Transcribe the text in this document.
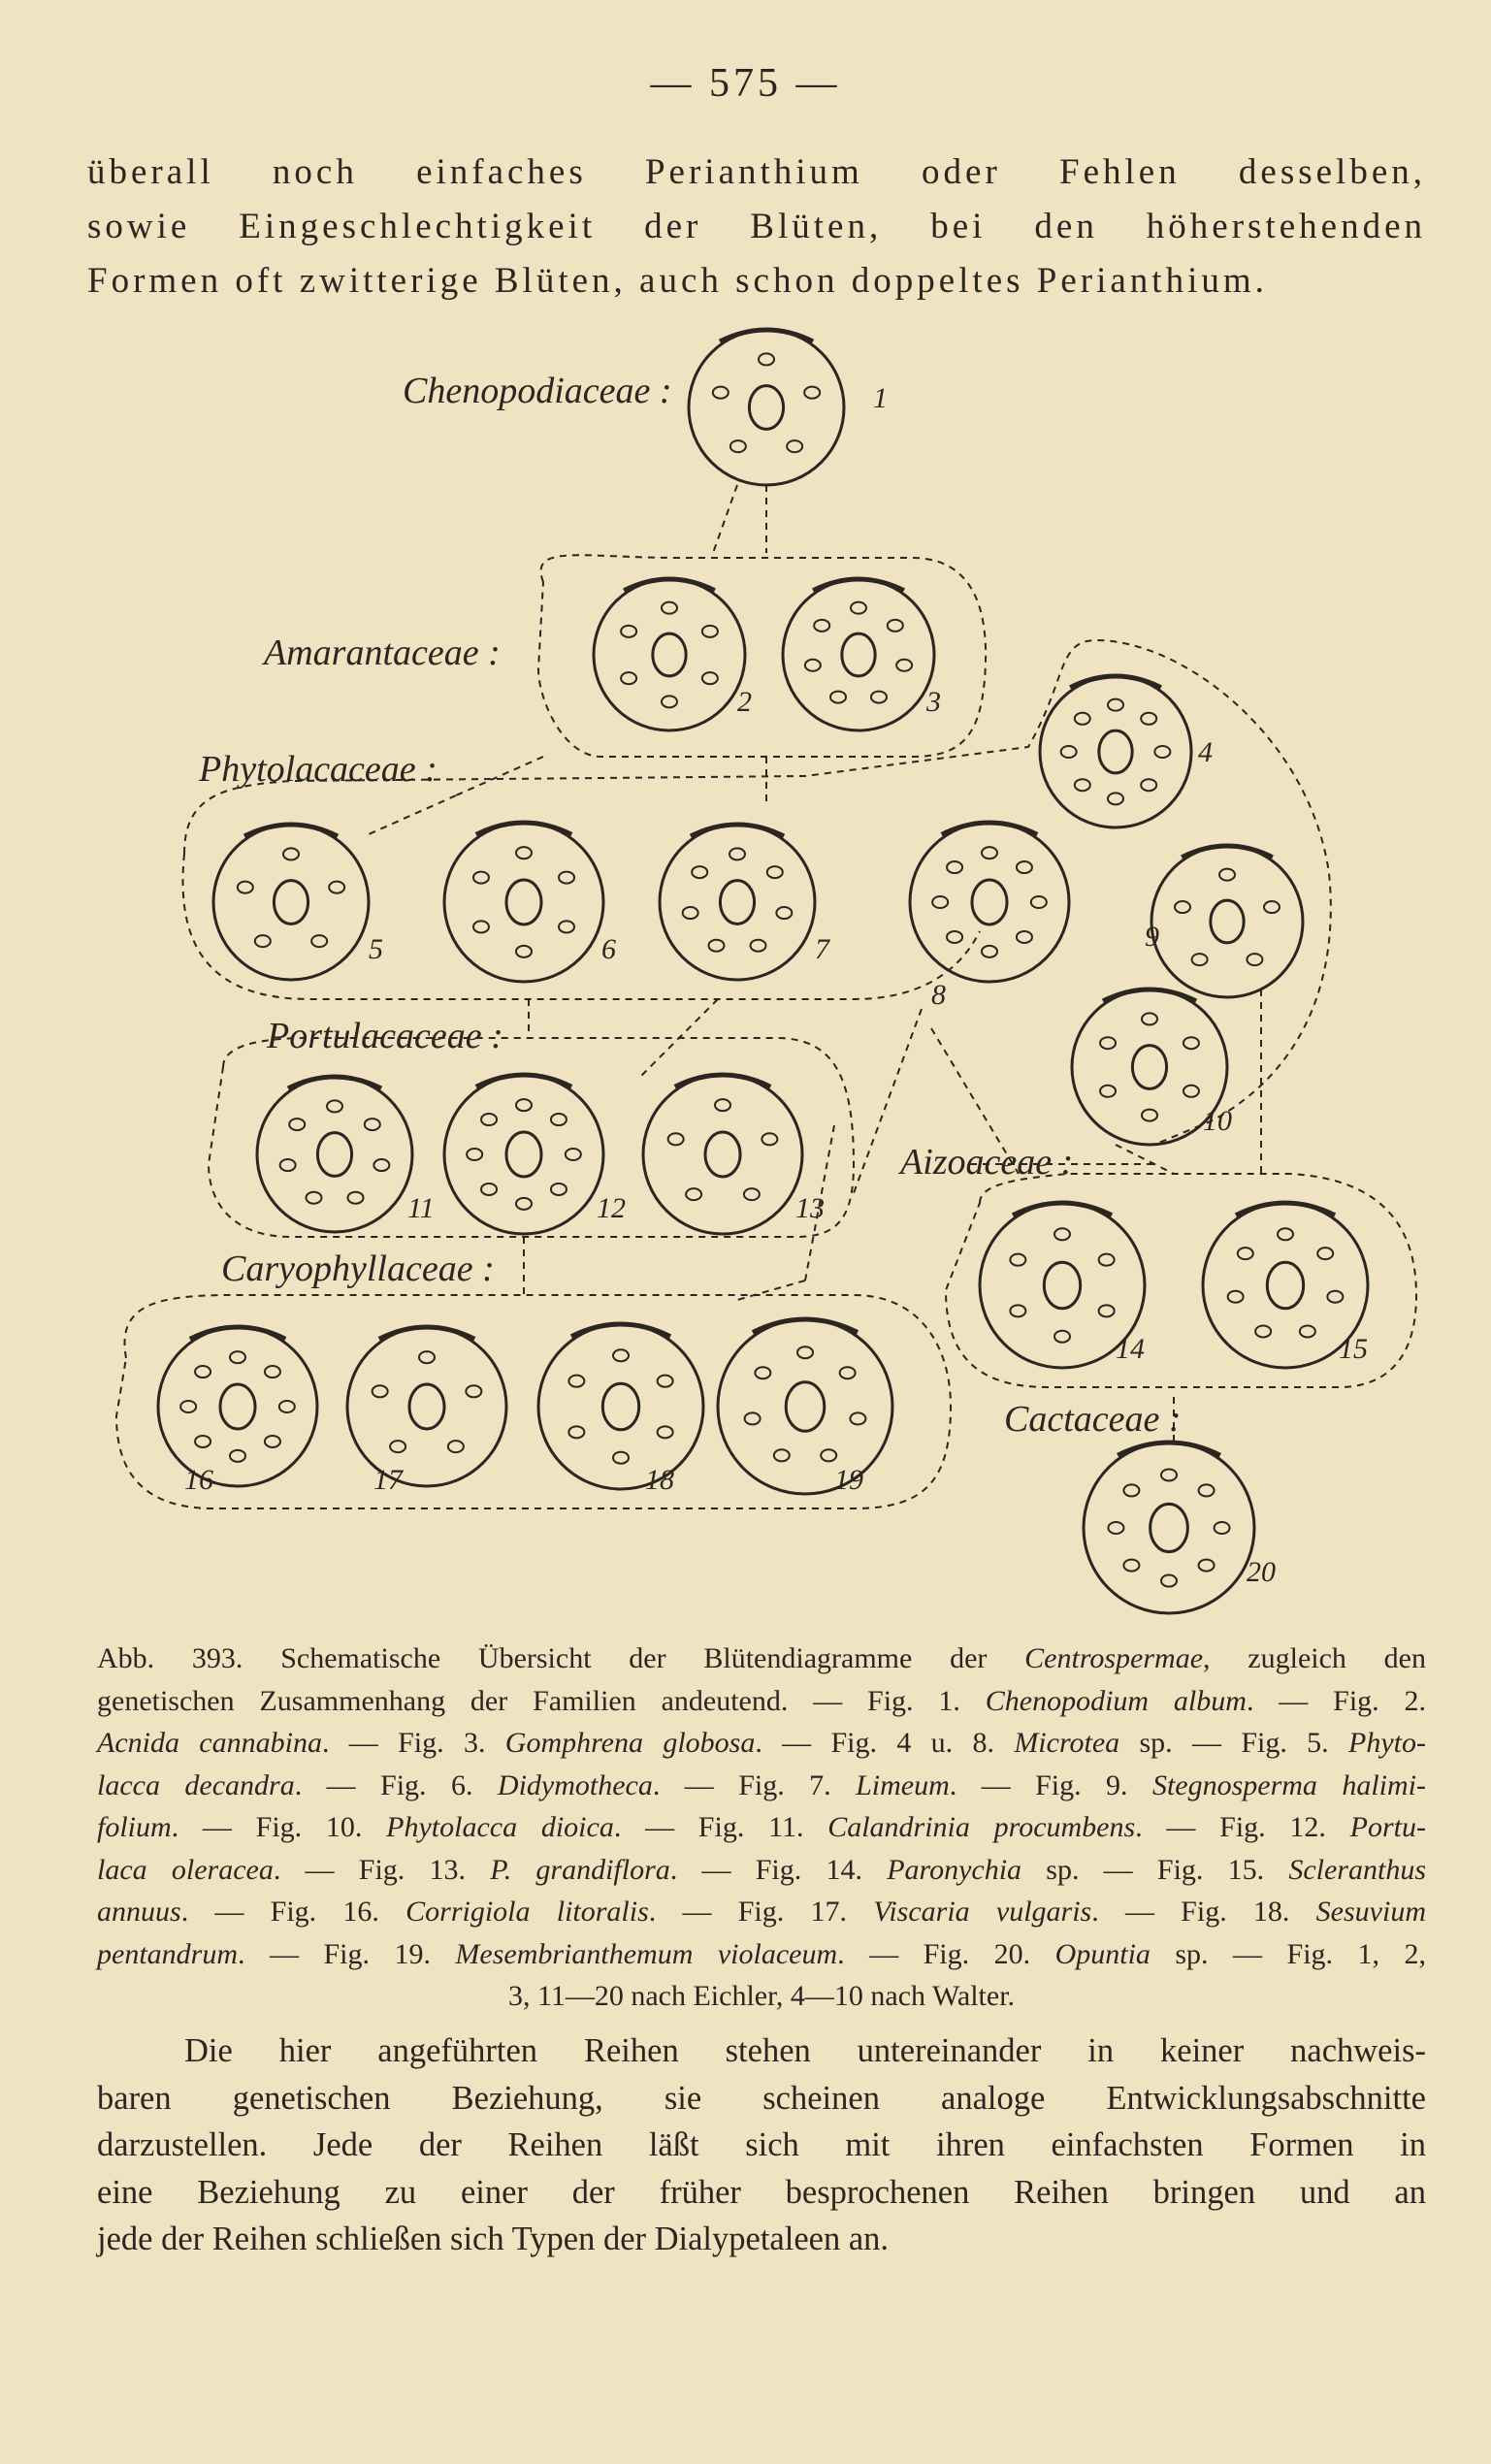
— 575 —
überall noch einfaches Perianthium oder Fehlen desselben,
sowie Eingeschlechtigkeit der Blüten, bei den höherstehenden
Formen oft zwitterige Blüten, auch schon doppeltes Perianthium.
1
2	3
4
5	6	7
8
9
10
11	12	13
14	15
16	17	18	19
20
Chenopodiaceae :
Amarantaceae :
Phytolacaceae :
Portulacaceae :
Aizoaceae :
Caryophyllaceae :
Cactaceae :
Abb. 393. Schematische Übersicht der Blütendiagramme der Centrospermae, zugleich den
genetischen Zusammenhang der Familien andeutend. — Fig. 1. Chenopodium album. — Fig. 2.
Acnida cannabina. — Fig. 3. Gomphrena globosa. — Fig. 4 u. 8. Microtea sp. — Fig. 5. Phyto-
lacca decandra. — Fig. 6. Didymotheca. — Fig. 7. Limeum. — Fig. 9. Stegnosperma halimi-
folium. — Fig. 10. Phytolacca dioica. — Fig. 11. Calandrinia procumbens. — Fig. 12. Portu-
laca oleracea. — Fig. 13. P. grandiflora. — Fig. 14. Paronychia sp. — Fig. 15. Scleranthus
annuus. — Fig. 16. Corrigiola litoralis. — Fig. 17. Viscaria vulgaris. — Fig. 18. Sesuvium
pentandrum. — Fig. 19. Mesembrianthemum violaceum. — Fig. 20. Opuntia sp. — Fig. 1, 2,
3, 11—20 nach Eichler, 4—10 nach Walter.
Die hier angeführten Reihen stehen untereinander in keiner nachweis-
baren genetischen Beziehung, sie scheinen analoge Entwicklungsabschnitte
darzustellen. Jede der Reihen läßt sich mit ihren einfachsten Formen in
eine Beziehung zu einer der früher besprochenen Reihen bringen und an
jede der Reihen schließen sich Typen der Dialypetaleen an.
